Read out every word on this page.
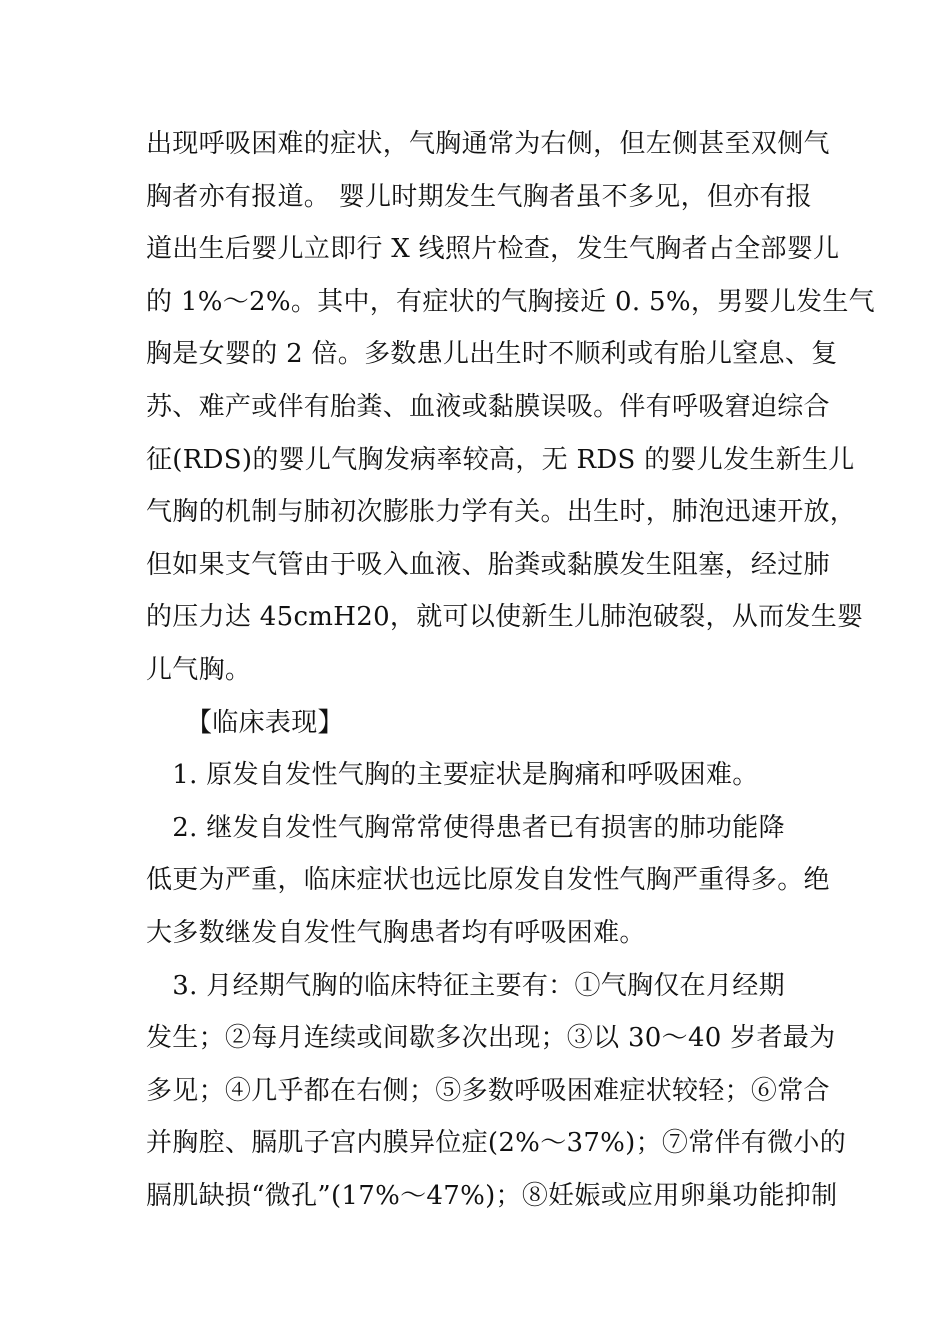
出现呼吸困难的症状，气胸通常为右侧，但左侧甚至双侧气
胸者亦有报道。 婴儿时期发生气胸者虽不多见，但亦有报
道出生后婴儿立即行 X 线照片检查，发生气胸者占全部婴儿
的 1%～2%。其中，有症状的气胸接近 0. 5%，男婴儿发生气
胸是女婴的 2 倍。多数患儿出生时不顺利或有胎儿窒息、复
苏、难产或伴有胎粪、血液或黏膜误吸。伴有呼吸窘迫综合
征(RDS)的婴儿气胸发病率较高，无 RDS 的婴儿发生新生儿
气胸的机制与肺初次膨胀力学有关。出生时，肺泡迅速开放，
但如果支气管由于吸入血液、胎粪或黏膜发生阻塞，经过肺
的压力达 45cmH20，就可以使新生儿肺泡破裂，从而发生婴
儿气胸。
【临床表现】
　1. 原发自发性气胸的主要症状是胸痛和呼吸困难。
　2. 继发自发性气胸常常使得患者已有损害的肺功能降
低更为严重，临床症状也远比原发自发性气胸严重得多。绝
大多数继发自发性气胸患者均有呼吸困难。
　3. 月经期气胸的临床特征主要有：①气胸仅在月经期
发生；②每月连续或间歇多次出现；③以 30～40 岁者最为
多见；④几乎都在右侧；⑤多数呼吸困难症状较轻；⑥常合
并胸腔、膈肌子宫内膜异位症(2%～37%)；⑦常伴有微小的
膈肌缺损“微孔”(17%～47%)；⑧妊娠或应用卵巢功能抑制
